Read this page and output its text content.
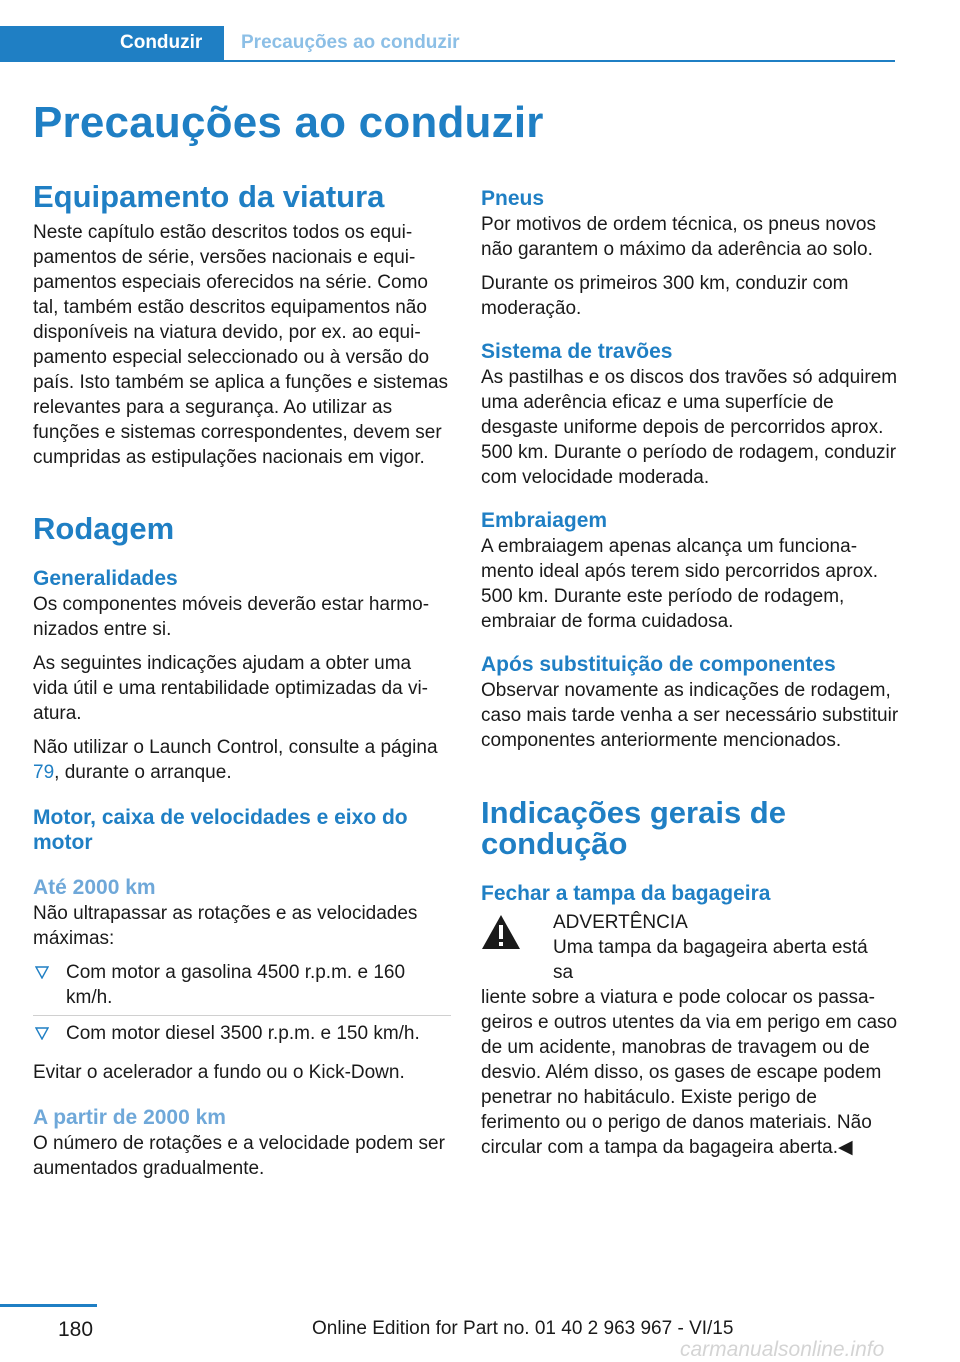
Conduzir Precauções ao conduzir
Precauções ao conduzir
Equipamento da viatura

Neste capítulo estão descritos todos os equipamentos de série, versões nacionais e equipamentos especiais oferecidos na série. Como tal, também estão descritos equipamentos não disponíveis na viatura devido, por ex. ao equipamento especial seleccionado ou à versão do país. Isto também se aplica a funções e sistemas relevantes para a segurança. Ao utilizar as funções e sistemas correspondentes, devem ser cumpridas as estipulações nacionais em vigor.

Rodagem
Generalidades

Os componentes móveis deverão estar harmonizados entre si.

As seguintes indicações ajudam a obter uma vida útil e uma rentabilidade optimizadas da viatura.

Não utilizar o Launch Control, consulte a página 79, durante o arranque.

Motor, caixa de velocidades e eixo do motor
Até 2000 km

Não ultrapassar as rotações e as velocidades máximas:

Com motor a gasolina 4500 r.p.m. e 160 km/h.
Com motor diesel 3500 r.p.m. e 150 km/h.

Evitar o acelerador a fundo ou o Kick-Down.

A partir de 2000 km

O número de rotações e a velocidade podem ser aumentados gradualmente.

Pneus

Por motivos de ordem técnica, os pneus novos não garantem o máximo da aderência ao solo.

Durante os primeiros 300 km, conduzir com moderação.

Sistema de travões

As pastilhas e os discos dos travões só adquirem uma aderência eficaz e uma superfície de desgaste uniforme depois de percorridos aprox. 500 km. Durante o período de rodagem, conduzir com velocidade moderada.

Embraiagem

A embraiagem apenas alcança um funcionamento ideal após terem sido percorridos aprox. 500 km. Durante este período de rodagem, embraiar de forma cuidadosa.

Após substituição de componentes

Observar novamente as indicações de rodagem, caso mais tarde venha a ser necessário substituir componentes anteriormente mencionados.

Indicações gerais de condução
Fechar a tampa da bagageira
ADVERTÊNCIA
Uma tampa da bagageira aberta está sa
liente sobre a viatura e pode colocar os passageiros e outros utentes da via em perigo em caso de um acidente, manobras de travagem ou de desvio. Além disso, os gases de escape podem penetrar no habitáculo. Existe perigo de ferimento ou o perigo de danos materiais. Não circular com a tampa da bagageira aberta.◀
180	Online Edition for Part no. 01 40 2 963 967 - VI/15
carmanualsonline.info
